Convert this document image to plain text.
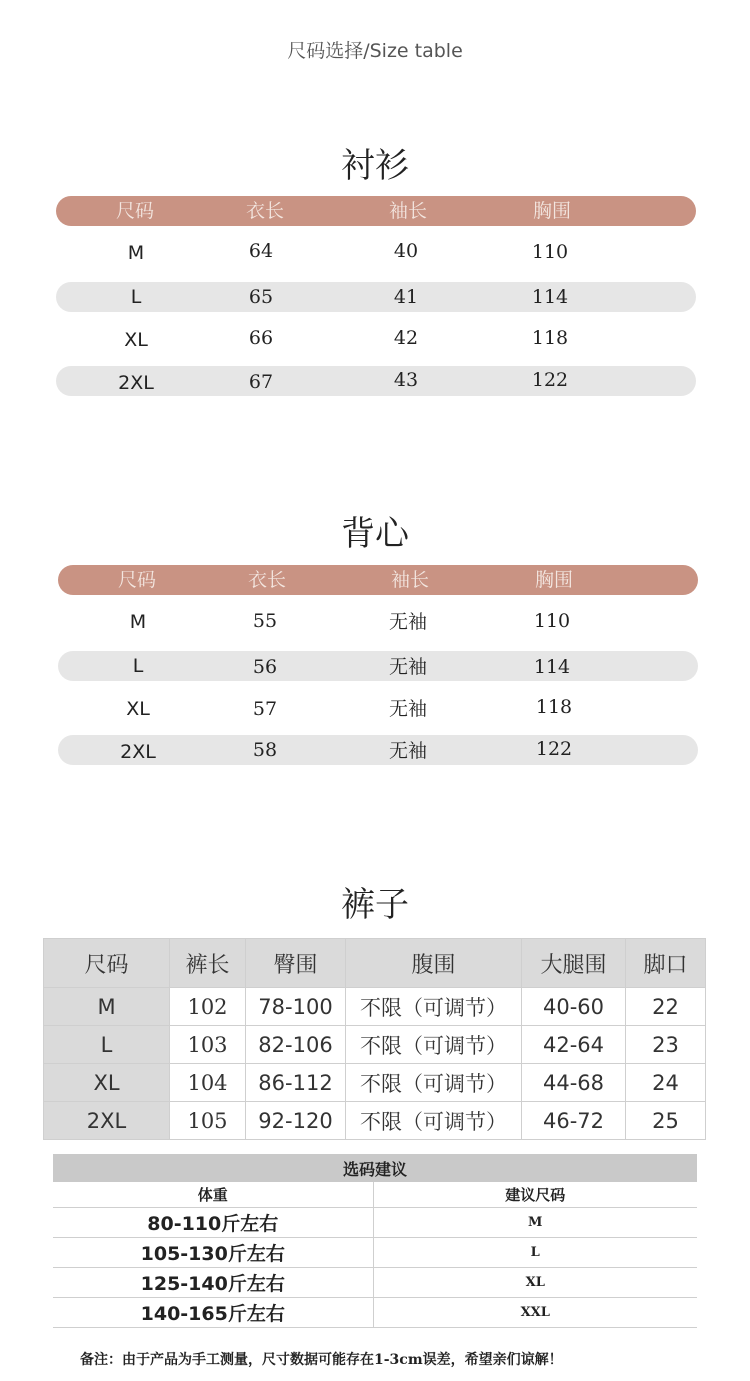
尺码选择/Size table
衬衫
尺码	衣长	袖长	胸围
M	64	40	110
L	65	41	114
XL	66	42	118
2XL	67	43	122
背心
尺码	衣长	袖长	胸围
M	55	无袖	110
L	56	无袖	114
XL	57	无袖	118
2XL	58	无袖	122
裤子
尺码	裤长	臀围	腹围	大腿围	脚口
M	102	78-100	不限（可调节）	40-60	22
L	103	82-106	不限（可调节）	42-64	23
XL	104	86-112	不限（可调节）	44-68	24
2XL	105	92-120	不限（可调节）	46-72	25
选码建议	
体重	建议尺码
80-110斤左右	M
105-130斤左右	L
125-140斤左右	XL
140-165斤左右	XXL
备注：由于产品为手工测量，尺寸数据可能存在1-3cm误差，希望亲们谅解！
